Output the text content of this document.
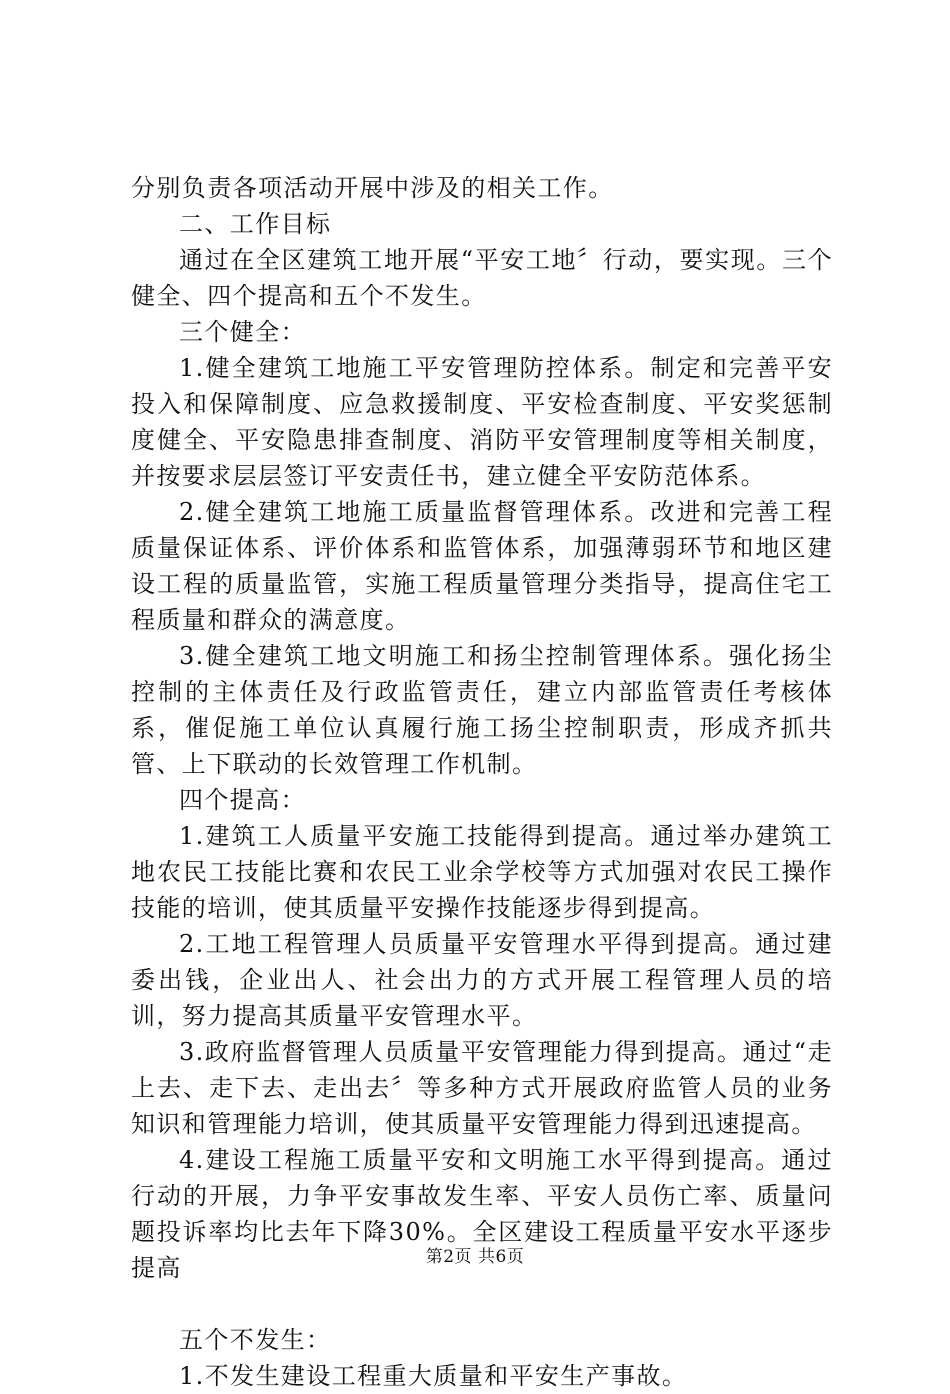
分别负责各项活动开展中涉及的相关工作。

二、工作目标

通过在全区建筑工地开展“平安工地〞行动，要实现。三个健全、四个提高和五个不发生。

三个健全：

1.健全建筑工地施工平安管理防控体系。制定和完善平安投入和保障制度、应急救援制度、平安检查制度、平安奖惩制度健全、平安隐患排查制度、消防平安管理制度等相关制度，并按要求层层签订平安责任书，建立健全平安防范体系。

2.健全建筑工地施工质量监督管理体系。改进和完善工程质量保证体系、评价体系和监管体系，加强薄弱环节和地区建设工程的质量监管，实施工程质量管理分类指导，提高住宅工程质量和群众的满意度。

3.健全建筑工地文明施工和扬尘控制管理体系。强化扬尘控制的主体责任及行政监管责任，建立内部监管责任考核体系，催促施工单位认真履行施工扬尘控制职责，形成齐抓共管、上下联动的长效管理工作机制。

四个提高：

1.建筑工人质量平安施工技能得到提高。通过举办建筑工地农民工技能比赛和农民工业余学校等方式加强对农民工操作技能的培训，使其质量平安操作技能逐步得到提高。

2.工地工程管理人员质量平安管理水平得到提高。通过建委出钱，企业出人、社会出力的方式开展工程管理人员的培训，努力提高其质量平安管理水平。

3.政府监督管理人员质量平安管理能力得到提高。通过“走上去、走下去、走出去〞等多种方式开展政府监管人员的业务知识和管理能力培训，使其质量平安管理能力得到迅速提高。

4.建设工程施工质量平安和文明施工水平得到提高。通过行动的开展，力争平安事故发生率、平安人员伤亡率、质量问题投诉率均比去年下降30%。全区建设工程质量平安水平逐步提高

五个不发生：

1.不发生建设工程重大质量和平安生产事故。

第2页 共6页
